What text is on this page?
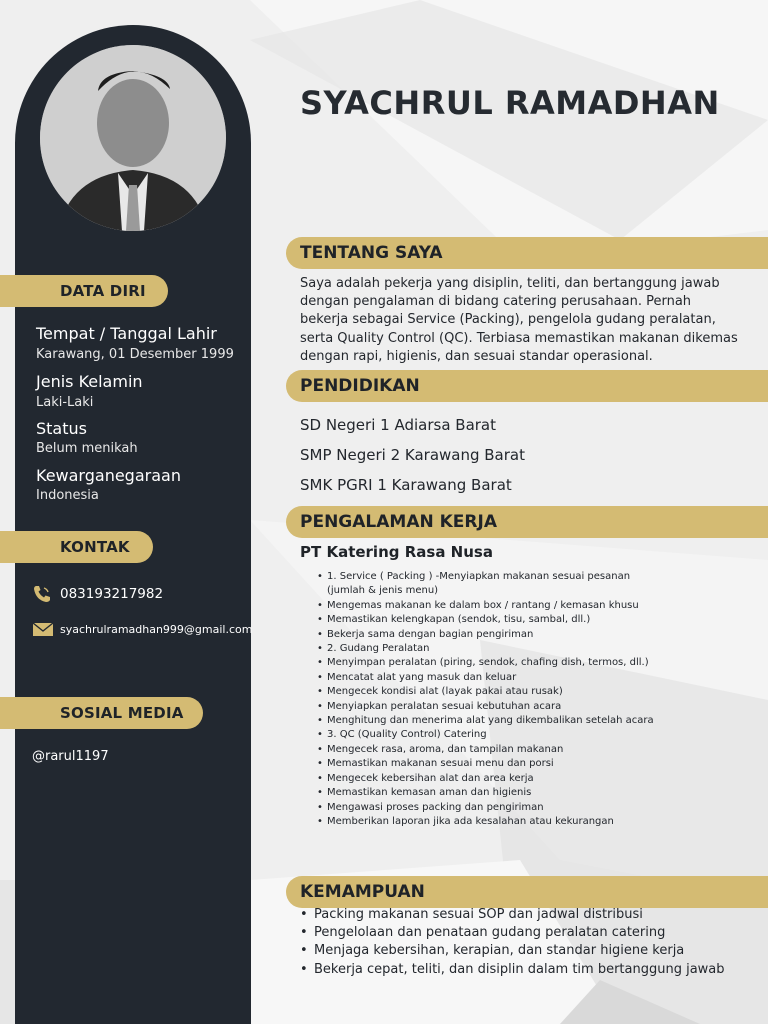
DATA DIRI
Tempat / Tanggal Lahir
Karawang, 01 Desember 1999
Jenis Kelamin
Laki-Laki
Status
Belum menikah
Kewarganegaraan
Indonesia
KONTAK
083193217982
syachrulramadhan999@gmail.com
SOSIAL MEDIA
@rarul1197
SYACHRUL RAMADHAN
TENTANG SAYA
Saya adalah pekerja yang disiplin, teliti, dan bertanggung jawab dengan pengalaman di bidang catering perusahaan. Pernah bekerja sebagai Service (Packing), pengelola gudang peralatan, serta Quality Control (QC). Terbiasa memastikan makanan dikemas dengan rapi, higienis, dan sesuai standar operasional.
PENDIDIKAN
SD Negeri 1 Adiarsa Barat
SMP Negeri 2 Karawang Barat
SMK PGRI 1 Karawang Barat
PENGALAMAN KERJA
PT Katering Rasa Nusa
• 1. Service ( Packing ) -Menyiapkan makanan sesuai pesanan (jumlah & jenis menu)
• Mengemas makanan ke dalam box / rantang / kemasan khusu
• Memastikan kelengkapan (sendok, tisu, sambal, dll.)
• Bekerja sama dengan bagian pengiriman
• 2. Gudang Peralatan
• Menyimpan peralatan (piring, sendok, chafing dish, termos, dll.)
• Mencatat alat yang masuk dan keluar
• Mengecek kondisi alat (layak pakai atau rusak)
• Menyiapkan peralatan sesuai kebutuhan acara
• Menghitung dan menerima alat yang dikembalikan setelah acara
• 3. QC (Quality Control) Catering
• Mengecek rasa, aroma, dan tampilan makanan
• Memastikan makanan sesuai menu dan porsi
• Mengecek kebersihan alat dan area kerja
• Memastikan kemasan aman dan higienis
• Mengawasi proses packing dan pengiriman
• Memberikan laporan jika ada kesalahan atau kekurangan
KEMAMPUAN
• Packing makanan sesuai SOP dan jadwal distribusi
• Pengelolaan dan penataan gudang peralatan catering
• Menjaga kebersihan, kerapian, dan standar higiene kerja
• Bekerja cepat, teliti, dan disiplin dalam tim bertanggung jawab
